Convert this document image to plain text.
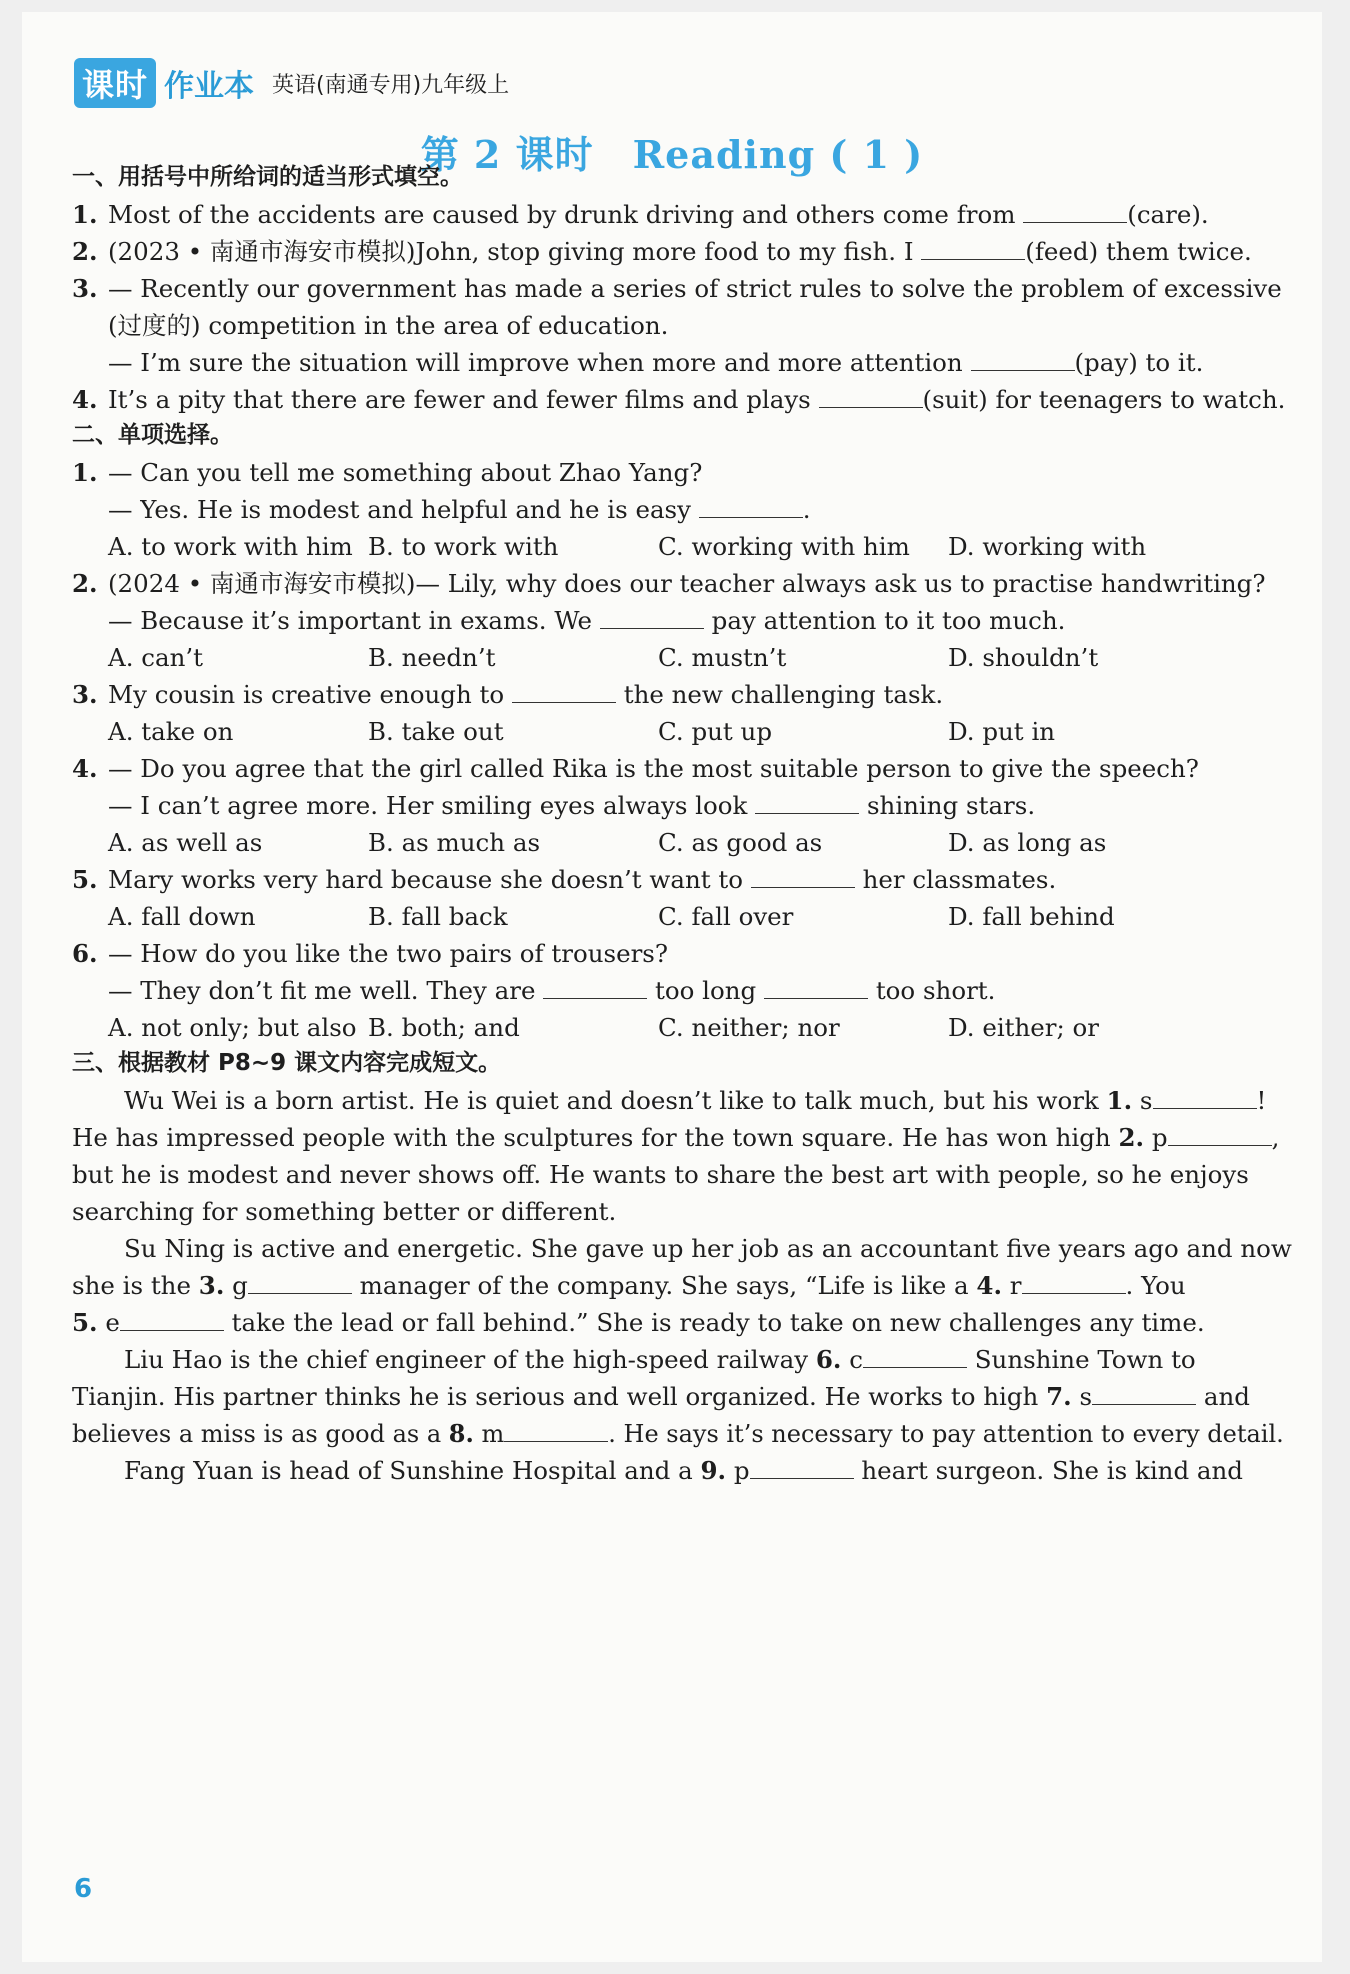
课时 作业本 英语(南通专用)九年级上
第 2 课时　Reading ( 1 )
一、用括号中所给词的适当形式填空。
1. Most of the accidents are caused by drunk driving and others come from	(care).
2. (2023 • 南通市海安市模拟)John, stop giving more food to my fish. I	(feed) them twice.
3. — Recently our government has made a series of strict rules to solve the problem of excessive
(过度的) competition in the area of education.
— I’m sure the situation will improve when more and more attention	(pay) to it.
4. It’s a pity that there are fewer and fewer films and plays	(suit) for teenagers to watch.
二、单项选择。
1. — Can you tell me something about Zhao Yang?
— Yes. He is modest and helpful and he is easy	.
A. to work with him B. to work with	C. working with him D. working with
2. (2024 • 南通市海安市模拟)— Lily, why does our teacher always ask us to practise handwriting?
— Because it’s important in exams. We	pay attention to it too much.
A. can’t	B. needn’t	C. mustn’t	D. shouldn’t
3. My cousin is creative enough to	the new challenging task.
A. take on	B. take out	C. put up	D. put in
4. — Do you agree that the girl called Rika is the most suitable person to give the speech?
— I can’t agree more. Her smiling eyes always look	shining stars.
A. as well as	B. as much as	C. as good as	D. as long as
5. Mary works very hard because she doesn’t want to	her classmates.
A. fall down	B. fall back	C. fall over	D. fall behind
6. — How do you like the two pairs of trousers?
— They don’t fit me well. They are	too long	too short.
A. not only; but also B. both; and	C. neither; nor	D. either; or
三、根据教材 P8~9 课文内容完成短文。
Wu Wei is a born artist. He is quiet and doesn’t like to talk much, but his work 1. s	!
He has impressed people with the sculptures for the town square. He has won high 2. p	,
but he is modest and never shows off. He wants to share the best art with people, so he enjoys
searching for something better or different.
Su Ning is active and energetic. She gave up her job as an accountant five years ago and now
she is the 3. g	manager of the company. She says, “Life is like a 4. r	. You
5. e	take the lead or fall behind.” She is ready to take on new challenges any time.
Liu Hao is the chief engineer of the high-speed railway 6. c	Sunshine Town to
Tianjin. His partner thinks he is serious and well organized. He works to high 7. s	and
believes a miss is as good as a 8. m	. He says it’s necessary to pay attention to every detail.
Fang Yuan is head of Sunshine Hospital and a 9. p	heart surgeon. She is kind and
6
